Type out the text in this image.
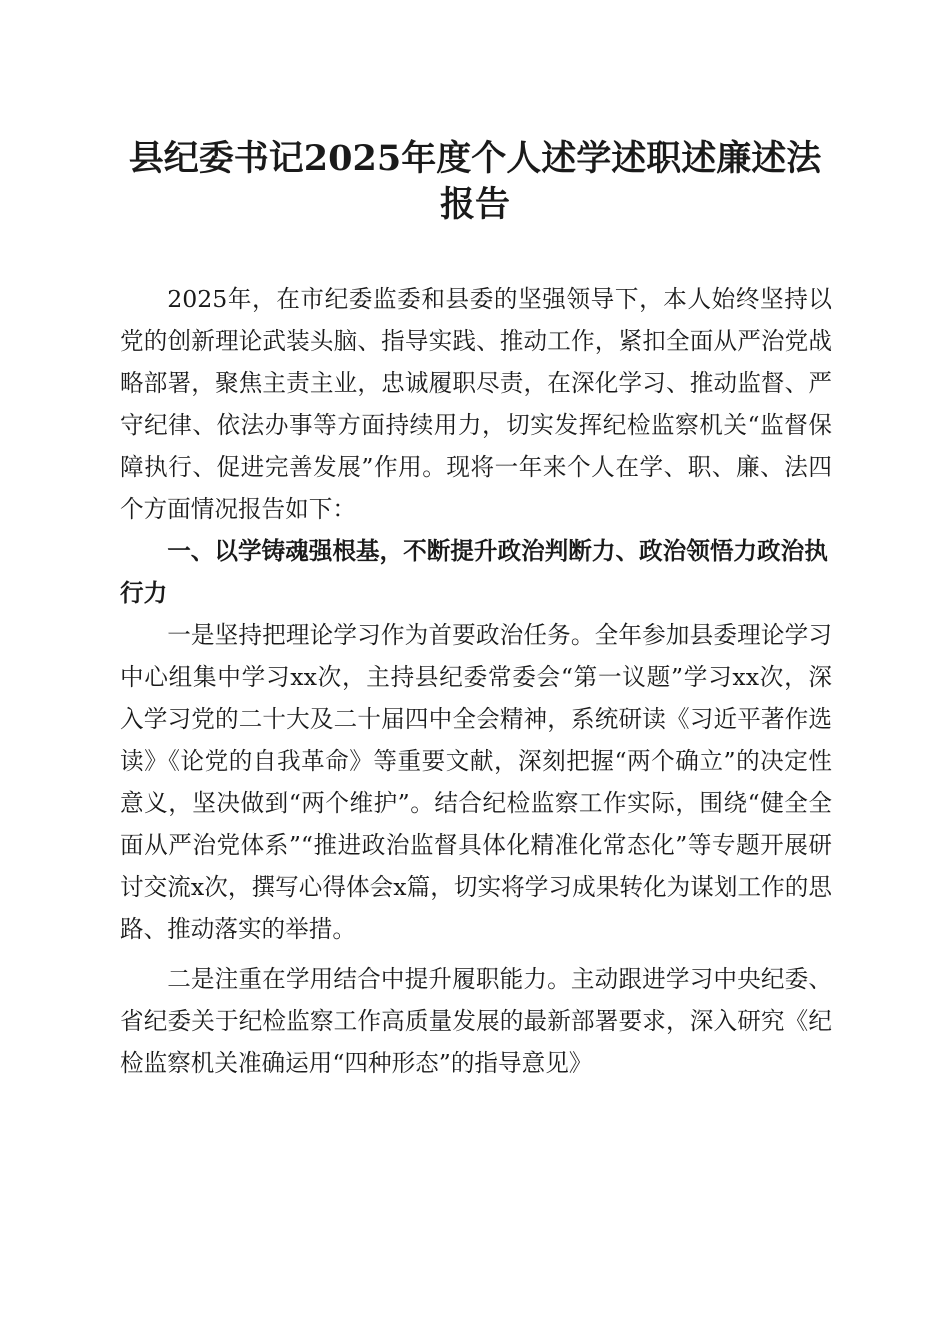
县纪委书记2025年度个人述学述职述廉述法
报告

2025年，在市纪委监委和县委的坚强领导下，本人始终坚持以党的创新理论武装头脑、指导实践、推动工作，紧扣全面从严治党战略部署，聚焦主责主业，忠诚履职尽责，在深化学习、推动监督、严守纪律、依法办事等方面持续用力，切实发挥纪检监察机关“监督保障执行、促进完善发展”作用。现将一年来个人在学、职、廉、法四个方面情况报告如下：

一、以学铸魂强根基，不断提升政治判断力、政治领悟力政治执行力

一是坚持把理论学习作为首要政治任务。全年参加县委理论学习中心组集中学习xx次，主持县纪委常委会“第一议题”学习xx次，深入学习党的二十大及二十届四中全会精神，系统研读《习近平著作选读》《论党的自我革命》等重要文献，深刻把握“两个确立”的决定性意义，坚决做到“两个维护”。结合纪检监察工作实际，围绕“健全全面从严治党体系”“推进政治监督具体化精准化常态化”等专题开展研讨交流x次，撰写心得体会x篇，切实将学习成果转化为谋划工作的思路、推动落实的举措。

二是注重在学用结合中提升履职能力。主动跟进学习中央纪委、省纪委关于纪检监察工作高质量发展的最新部署要求，深入研究《纪检监察机关准确运用“四种形态”的指导意见》
